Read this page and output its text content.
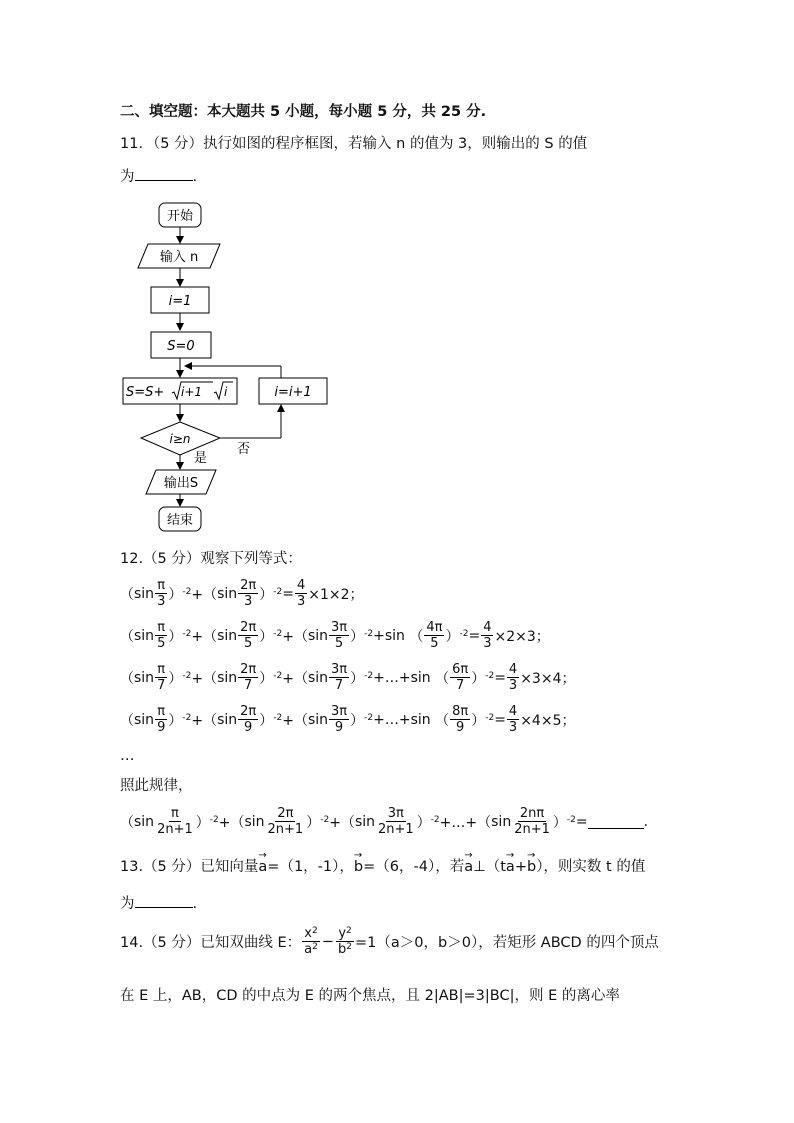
二、填空题：本大题共 5 小题，每小题 5 分，共 25 分.
11．（5 分）执行如图的程序框图，若输入 n 的值为 3，则输出的 S 的值
为	.
开始
输入 n
i=1
S=0
S=S+ i+1 i	i=i+1
i≥n
是
否
输出S
结束
12.（5 分）观察下列等式：
（ $\sin \frac{\pi}{3}$ ） -2 +（ $\sin \frac{2\pi}{3}$ ） $-2 = \frac{4}{3} \times 1\times 2$；
（ $\sin \frac{\pi}{5}$ ） -2 +（ $\sin \frac{2\pi}{5}$ ） -2 +（ $\sin \frac{3\pi}{5}$ ） -2 + sin （ $\frac{4\pi}{5}$ ） $-2 = \frac{4}{3} \times 2\times 3$；
（ $\sin \frac{\pi}{7}$ ） -2 +（ $\sin \frac{2\pi}{7}$ ） -2 +（ $\sin \frac{3\pi}{7}$ ） -2 +…+ sin （ $\frac{6\pi}{7}$ ） $-2 = \frac{4}{3} \times 3\times 4$；
（ $\sin \frac{\pi}{9}$ ） -2 +（ $\sin \frac{2\pi}{9}$ ） -2 +（ $\sin \frac{3\pi}{9}$ ） -2 +…+ sin （ $\frac{8\pi}{9}$ ） $-2 = \frac{4}{3} \times 4\times 5$；
…
照此规律，
（ $\sin \frac{\pi}{2n+1}$ ） -2 +（ $\sin \frac{2\pi}{2n+1}$ ） -2 +（ $\sin \frac{3\pi}{2n+1}$ ） -2 +…+（ $\sin \frac{2n\pi}{2n+1}$ ） -2 =	.
13.（5 分）已知向量→ a=（1，-1），→ b=（6，-4），若→ a⊥（t→ a+→ b），则实数 t 的值
为	.
14.（5 分）已知双曲线 E： $\frac{x^2}{a^2} - \frac{y^2}{b^2} =1(a>0$，b＞0），若矩形 ABCD 的四个顶点
在 E 上，AB，CD 的中点为 E 的两个焦点，且 2|AB|=3|BC|，则 E 的离心率
